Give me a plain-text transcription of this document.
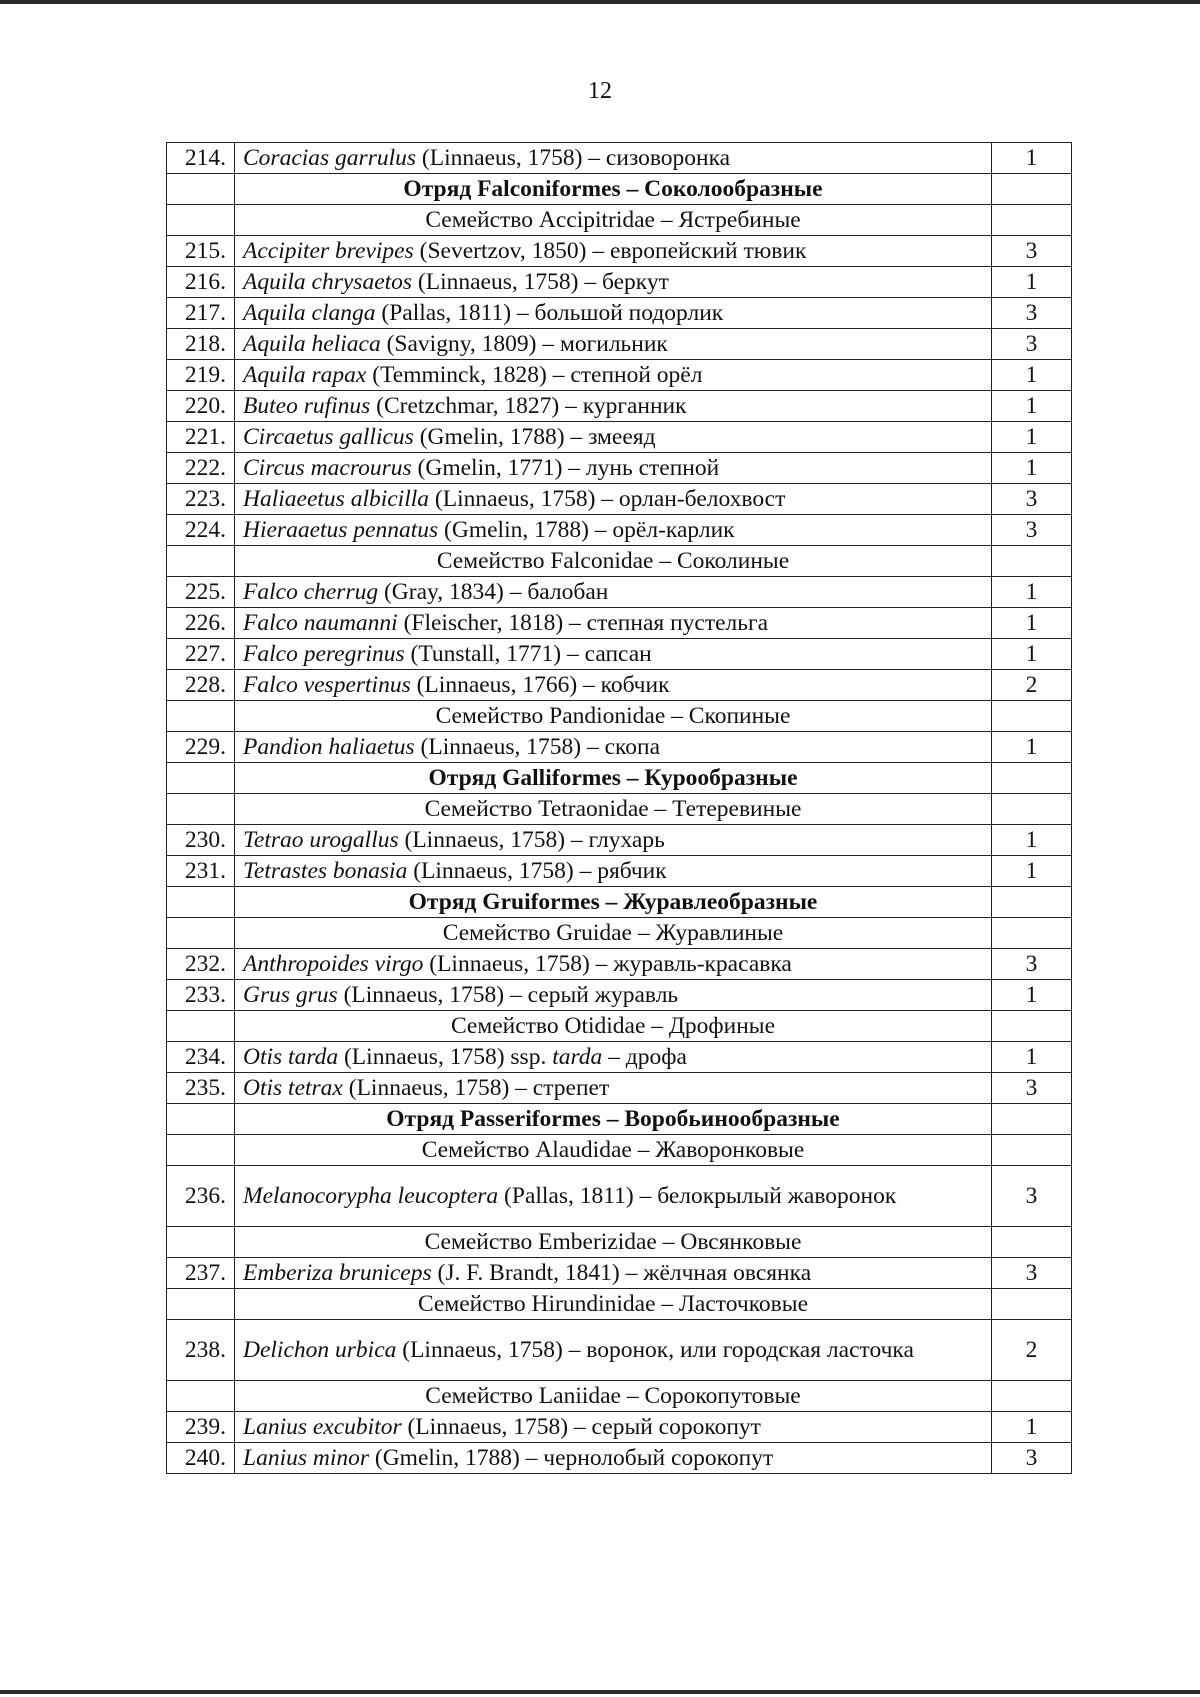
12
214.	Coracias garrulus (Linnaeus, 1758) – сизоворонка	1
	Отряд Falconiformes – Соколообразные	
	Семейство Accipitridae – Ястребиные	
215.	Accipiter brevipes (Severtzov, 1850) – европейский тювик	3
216.	Aquila chrysaetos (Linnaeus, 1758) – беркут	1
217.	Aquila clanga (Pallas, 1811) – большой подорлик	3
218.	Aquila heliaca (Savigny, 1809) – могильник	3
219.	Aquila rapax (Temminck, 1828) – степной орёл	1
220.	Buteo rufinus (Cretzchmar, 1827) – курганник	1
221.	Circaetus gallicus (Gmelin, 1788) – змееяд	1
222.	Circus macrourus (Gmelin, 1771) – лунь степной	1
223.	Haliaeetus albicilla (Linnaeus, 1758) – орлан-белохвост	3
224.	Hieraaetus pennatus (Gmelin, 1788) – орёл-карлик	3
	Семейство Falconidae – Соколиные	
225.	Falco cherrug (Gray, 1834) – балобан	1
226.	Falco naumanni (Fleischer, 1818) – степная пустельга	1
227.	Falco peregrinus (Tunstall, 1771) – сапсан	1
228.	Falco vespertinus (Linnaeus, 1766) – кобчик	2
	Семейство Pandionidae – Скопиные	
229.	Pandion haliaetus (Linnaeus, 1758) – скопа	1
	Отряд Galliformes – Курообразные	
	Семейство Tetraonidae – Тетеревиные	
230.	Tetrao urogallus (Linnaeus, 1758) – глухарь	1
231.	Tetrastes bonasia (Linnaeus, 1758) – рябчик	1
	Отряд Gruiformes – Журавлеобразные	
	Семейство Gruidae – Журавлиные	
232.	Anthropoides virgo (Linnaeus, 1758) – журавль-красавка	3
233.	Grus grus (Linnaeus, 1758) – серый журавль	1
	Семейство Otididae – Дрофиные	
234.	Otis tarda (Linnaeus, 1758) ssp. tarda – дрофа	1
235.	Otis tetrax (Linnaeus, 1758) – стрепет	3
	Отряд Passeriformes – Воробьинообразные	
	Семейство Alaudidae – Жаворонковые	
236.	Melanocorypha leucoptera (Pallas, 1811) – белокрылый жаворонок	3
	Семейство Emberizidae – Овсянковые	
237.	Emberiza bruniceps (J. F. Brandt, 1841) – жёлчная овсянка	3
	Семейство Hirundinidae – Ласточковые	
238.	Delichon urbica (Linnaeus, 1758) – воронок, или городская ласточка	2
	Семейство Laniidae – Сорокопутовые	
239.	Lanius excubitor (Linnaeus, 1758) – серый сорокопут	1
240.	Lanius minor (Gmelin, 1788) – чернолобый сорокопут	3
